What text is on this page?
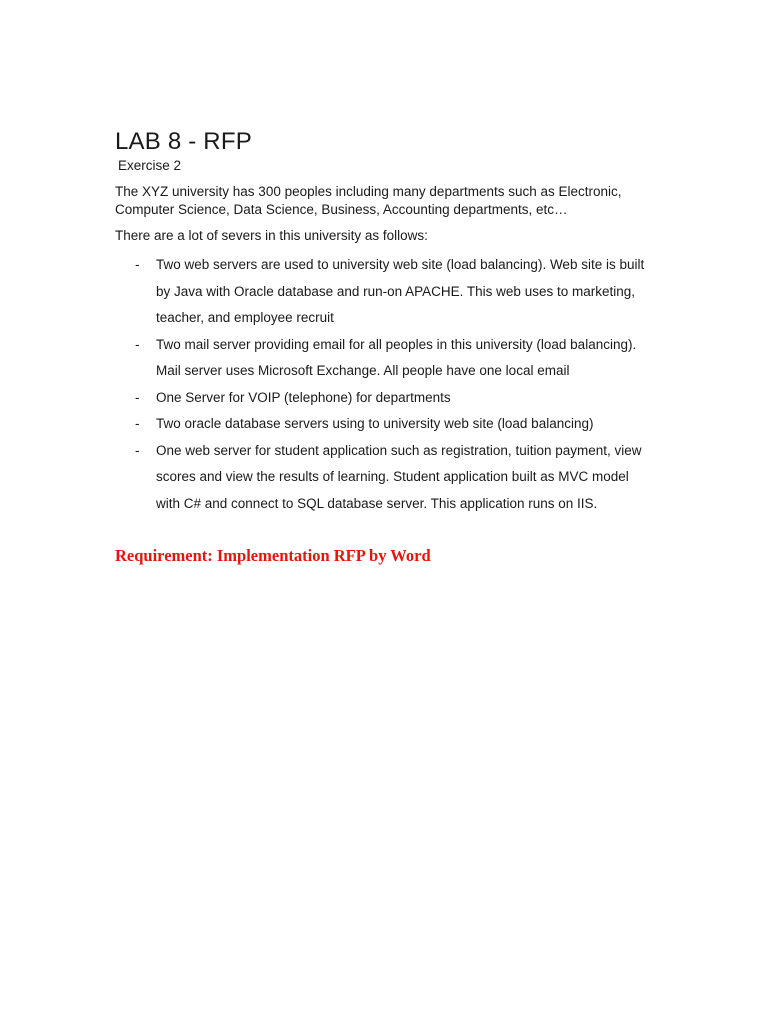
LAB 8 - RFP
Exercise 2

The XYZ university has 300 peoples including many departments such as Electronic, Computer Science, Data Science, Business, Accounting departments, etc…

There are a lot of severs in this university as follows:

- Two web servers are used to university web site (load balancing). Web site is built by Java with Oracle database and run-on APACHE. This web uses to marketing, teacher, and employee recruit
- Two mail server providing email for all peoples in this university (load balancing). Mail server uses Microsoft Exchange. All people have one local email
- One Server for VOIP (telephone) for departments
- Two oracle database servers using to university web site (load balancing)
- One web server for student application such as registration, tuition payment, view scores and view the results of learning. Student application built as MVC model with C# and connect to SQL database server. This application runs on IIS.
Requirement: Implementation RFP by Word
